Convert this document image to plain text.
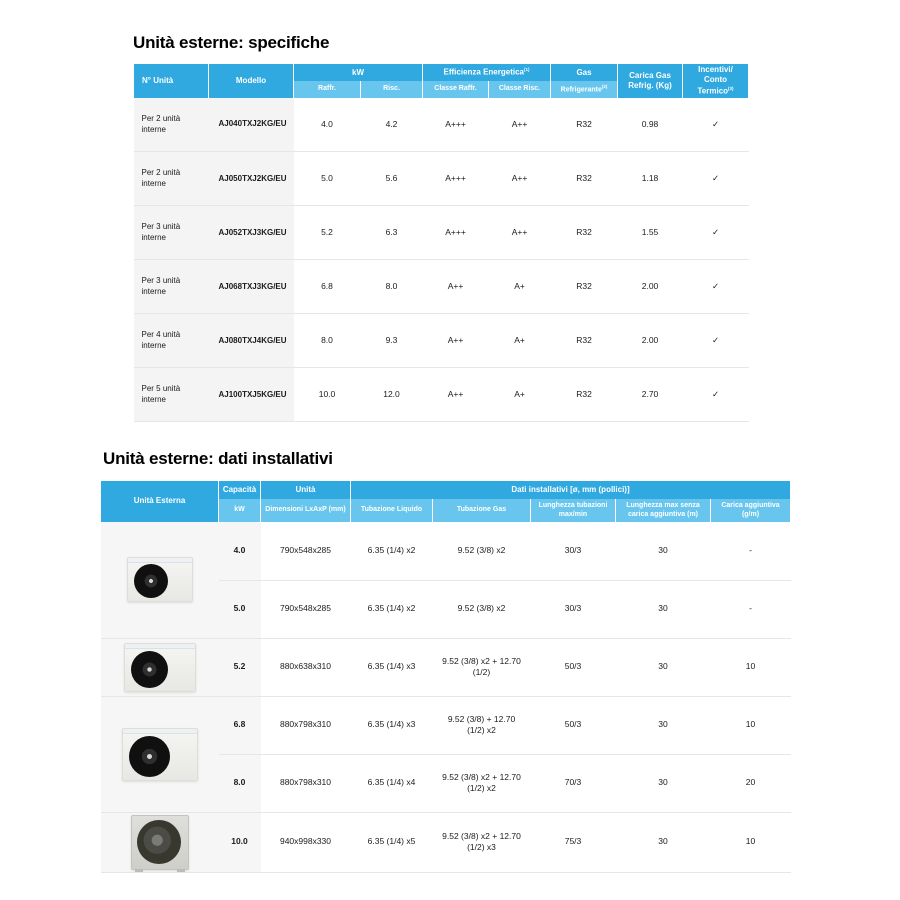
Unità esterne: specifiche
N° Unità	Modello	kW		Efficienza Energetica$^{(1)}$		Gas	Carica Gas
Refrig. (Kg)	Incentivi/
Conto Termico$^{(3)}$
		Raffr.	Risc.	Classe Raffr.	Classe Risc.	Refrigerante$^{(2)}$
Per 2 unità interne	AJ040TXJ2KG/EU	4.0	4.2	A+++	A++	R32	0.98	✓
Per 2 unità interne	AJ050TXJ2KG/EU	5.0	5.6	A+++	A++	R32	1.18	✓
Per 3 unità interne	AJ052TXJ3KG/EU	5.2	6.3	A+++	A++	R32	1.55	✓
Per 3 unità interne	AJ068TXJ3KG/EU	6.8	8.0	A++	A+	R32	2.00	✓
Per 4 unità interne	AJ080TXJ4KG/EU	8.0	9.3	A++	A+	R32	2.00	✓
Per 5 unità interne	AJ100TXJ5KG/EU	10.0	12.0	A++	A+	R32	2.70	✓
Unità esterne: dati installativi
Unità Esterna	Capacità	Unità	Dati installativi [ø, mm (pollici)]				
	kW	Dimensioni LxAxP (mm)	Tubazione Liquido	Tubazione Gas	Lunghezza tubazioni max/min	Lunghezza max senza carica aggiuntiva (m)	Carica aggiuntiva (g/m)

	4.0	790x548x285	6.35 (1/4) x2	9.52 (3/8) x2	30/3	30	-
	5.0	790x548x285	6.35 (1/4) x2	9.52 (3/8) x2	30/3	30	-

	5.2	880x638x310	6.35 (1/4) x3	9.52 (3/8) x2 + 12.70 (1/2)	50/3	30	10

	6.8	880x798x310	6.35 (1/4) x3	9.52 (3/8) + 12.70 (1/2) x2	50/3	30	10
	8.0	880x798x310	6.35 (1/4) x4	9.52 (3/8) x2 + 12.70 (1/2) x2	70/3	30	20

	10.0	940x998x330	6.35 (1/4) x5	9.52 (3/8) x2 + 12.70 (1/2) x3	75/3	30	10
